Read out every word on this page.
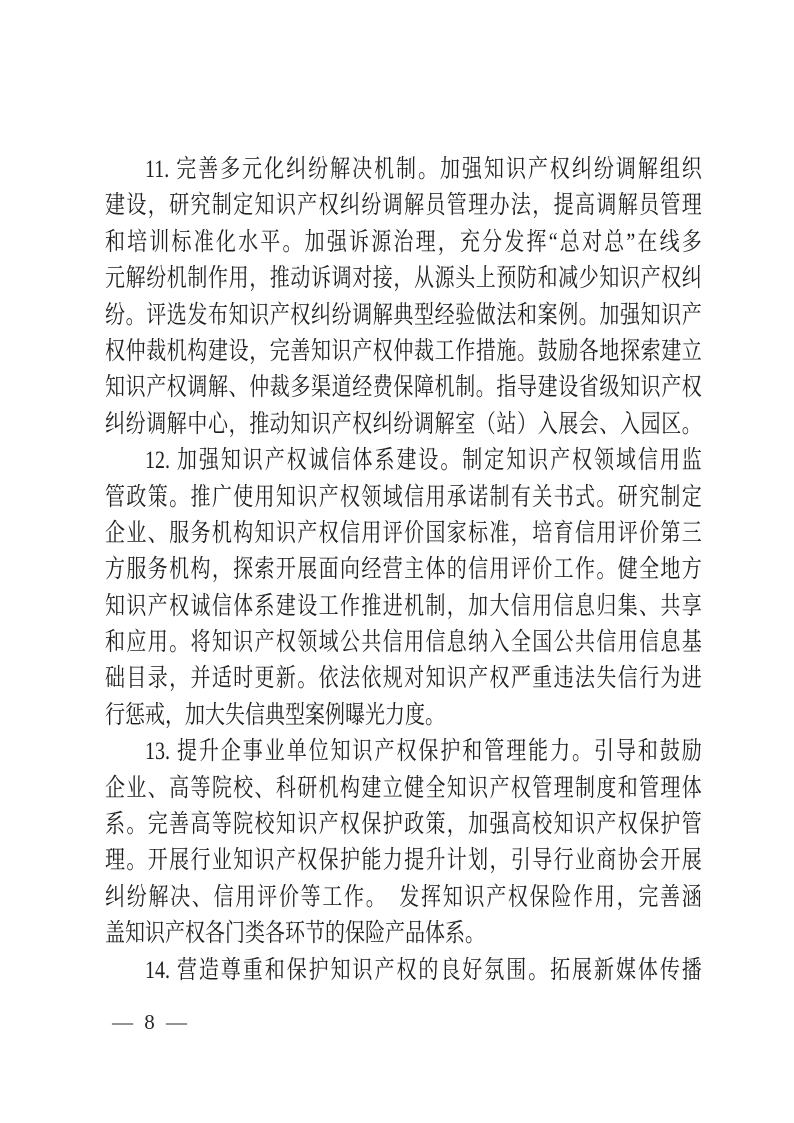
11. 完善多元化纠纷解决机制。加强知识产权纠纷调解组织
建设，研究制定知识产权纠纷调解员管理办法，提高调解员管理
和培训标准化水平。加强诉源治理，充分发挥“总对总”在线多
元解纷机制作用，推动诉调对接，从源头上预防和减少知识产权纠
纷。评选发布知识产权纠纷调解典型经验做法和案例。加强知识产
权仲裁机构建设，完善知识产权仲裁工作措施。鼓励各地探索建立
知识产权调解、仲裁多渠道经费保障机制。指导建设省级知识产权
纠纷调解中心，推动知识产权纠纷调解室（站）入展会、入园区。
12. 加强知识产权诚信体系建设。制定知识产权领域信用监
管政策。推广使用知识产权领域信用承诺制有关书式。研究制定
企业、服务机构知识产权信用评价国家标准，培育信用评价第三
方服务机构，探索开展面向经营主体的信用评价工作。健全地方
知识产权诚信体系建设工作推进机制，加大信用信息归集、共享
和应用。将知识产权领域公共信用信息纳入全国公共信用信息基
础目录，并适时更新。依法依规对知识产权严重违法失信行为进
行惩戒，加大失信典型案例曝光力度。
13. 提升企事业单位知识产权保护和管理能力。引导和鼓励
企业、高等院校、科研机构建立健全知识产权管理制度和管理体
系。完善高等院校知识产权保护政策，加强高校知识产权保护管
理。开展行业知识产权保护能力提升计划，引导行业商协会开展
纠纷解决、信用评价等工作。　发挥知识产权保险作用，完善涵
盖知识产权各门类各环节的保险产品体系。
14. 营造尊重和保护知识产权的良好氛围。拓展新媒体传播
— 8 —
